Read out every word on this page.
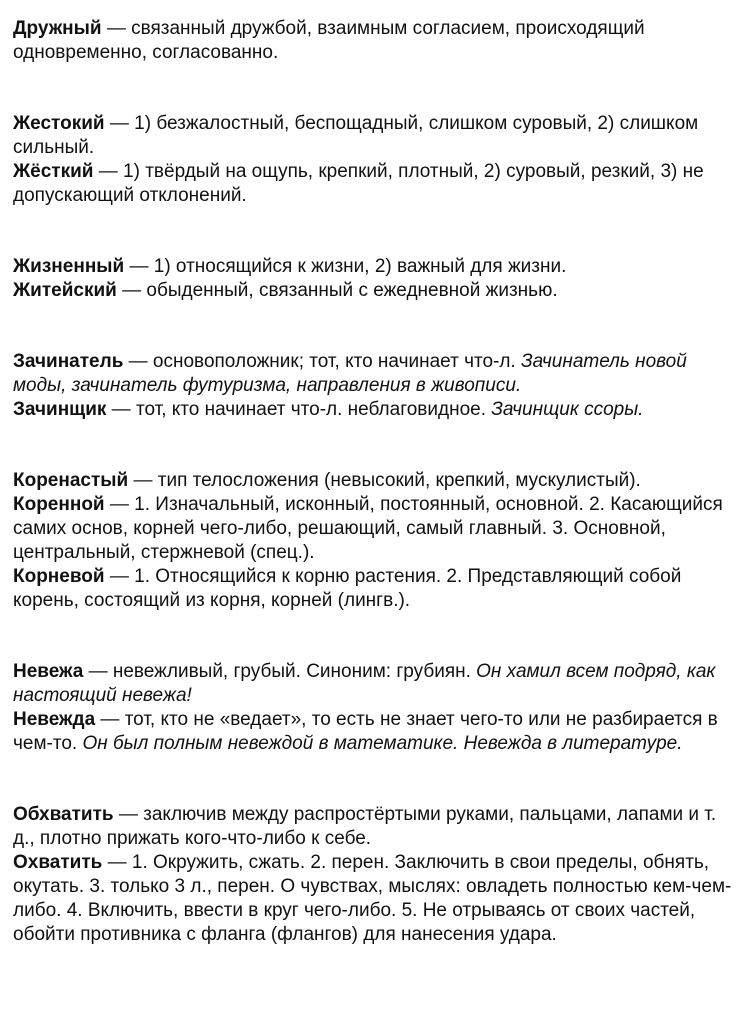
Дружный — связанный дружбой, взаимным согласием, происходящий одновременно, согласованно.

Жестокий — 1) безжалостный, беспощадный, слишком суровый, 2) слишком сильный.

Жёсткий — 1) твёрдый на ощупь, крепкий, плотный, 2) суровый, резкий, 3) не допускающий отклонений.

Жизненный — 1) относящийся к жизни, 2) важный для жизни.

Житейский — обыденный, связанный с ежедневной жизнью.

Зачинатель — основоположник; тот, кто начинает что-л. Зачинатель новой моды, зачинатель футуризма, направления в живописи.

Зачинщик — тот, кто начинает что-л. неблаговидное. Зачинщик ссоры.

Коренастый — тип телосложения (невысокий, крепкий, мускулистый).

Коренной — 1. Изначальный, исконный, постоянный, основной. 2. Касающийся самих основ, корней чего-либо, решающий, самый главный. 3. Основной, центральный, стержневой (спец.).

Корневой — 1. Относящийся к корню растения. 2. Представляющий собой корень, состоящий из корня, корней (лингв.).

Невежа — невежливый, грубый. Синоним: грубиян. Он хамил всем подряд, как настоящий невежа!

Невежда — тот, кто не «ведает», то есть не знает чего-то или не разбирается в чем-то. Он был полным невеждой в математике. Невежда в литературе.

Обхватить — заключив между распростёртыми руками, пальцами, лапами и т. д., плотно прижать кого-что-либо к себе.

Охватить — 1. Окружить, сжать. 2. перен. Заключить в свои пределы, обнять, окутать. 3. только 3 л., перен. О чувствах, мыслях: овладеть полностью кем-чем-либо. 4. Включить, ввести в круг чего-либо. 5. Не отрываясь от своих частей, обойти противника с фланга (флангов) для нанесения удара.
